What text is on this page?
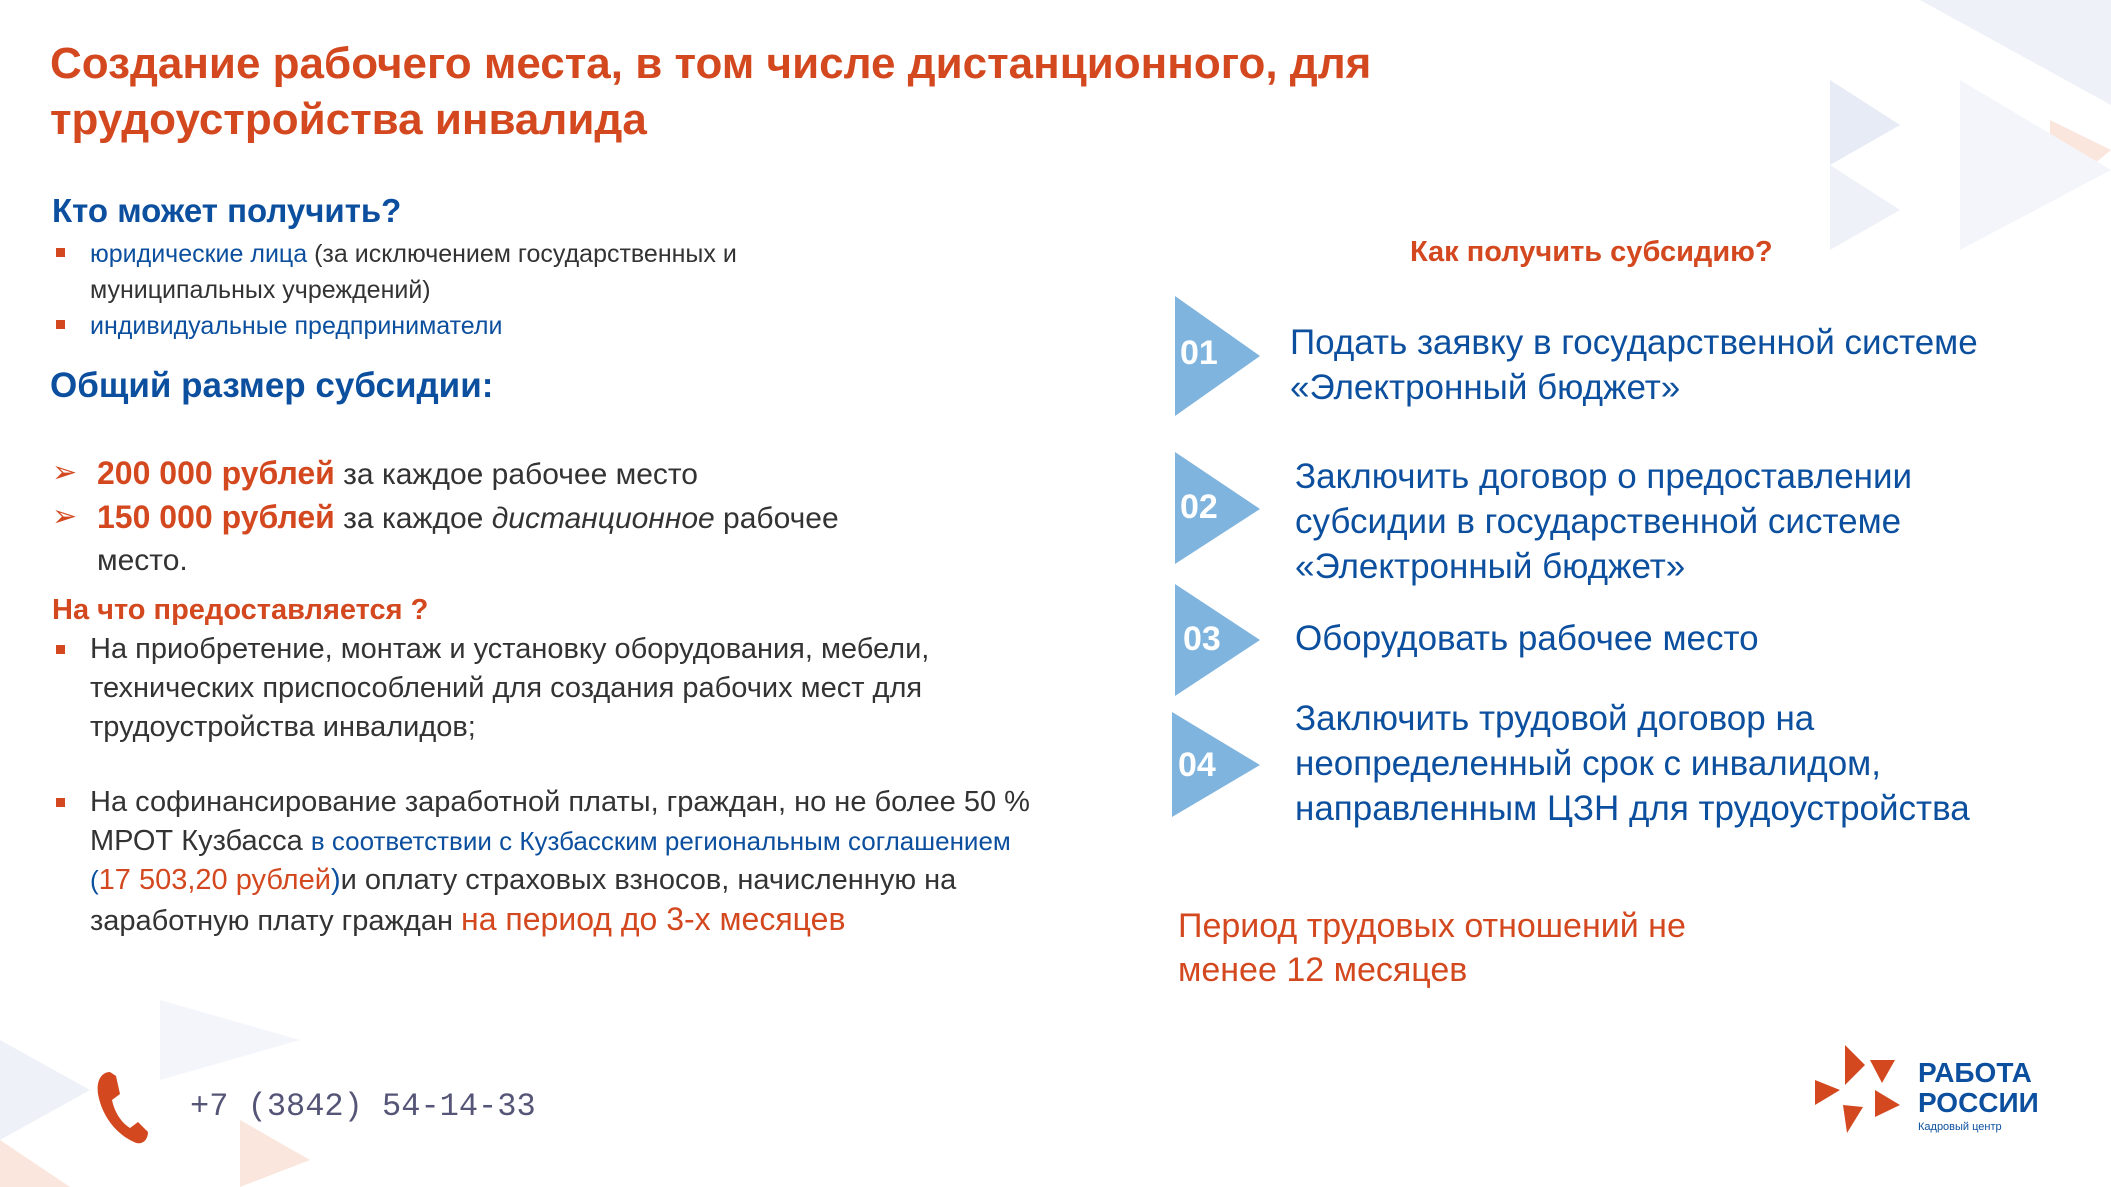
Создание рабочего места, в том числе дистанционного, для трудоустройства инвалида
Кто может получить?
юридические лица (за исключением государственных и муниципальных учреждений)
индивидуальные предприниматели
Общий размер субсидии:
➢ 200 000 рублей за каждое рабочее место
➢ 150 000 рублей за каждое дистанционное рабочее место.
На что предоставляется ?
На приобретение, монтаж и установку оборудования, мебели, технических приспособлений для создания рабочих мест для трудоустройства инвалидов;
На софинансирование заработной платы, граждан, но не более 50 % МРОТ Кузбасса в соответствии с Кузбасским региональным соглашением (17 503,20 рублей)и оплату страховых взносов, начисленную на заработную плату граждан на период до 3-х месяцев
Как получить субсидию?
01 Подать заявку в государственной системе «Электронный бюджет»
02
Заключить договор о предоставлении субсидии в государственной системе «Электронный бюджет»
03 Оборудовать рабочее место
04
Заключить трудовой договор на неопределенный срок с инвалидом, направленным ЦЗН для трудоустройства
Период трудовых отношений не менее 12 месяцев
+7 (3842) 54-14-33
РАБОТА
РОССИИ
Кадровый центр
